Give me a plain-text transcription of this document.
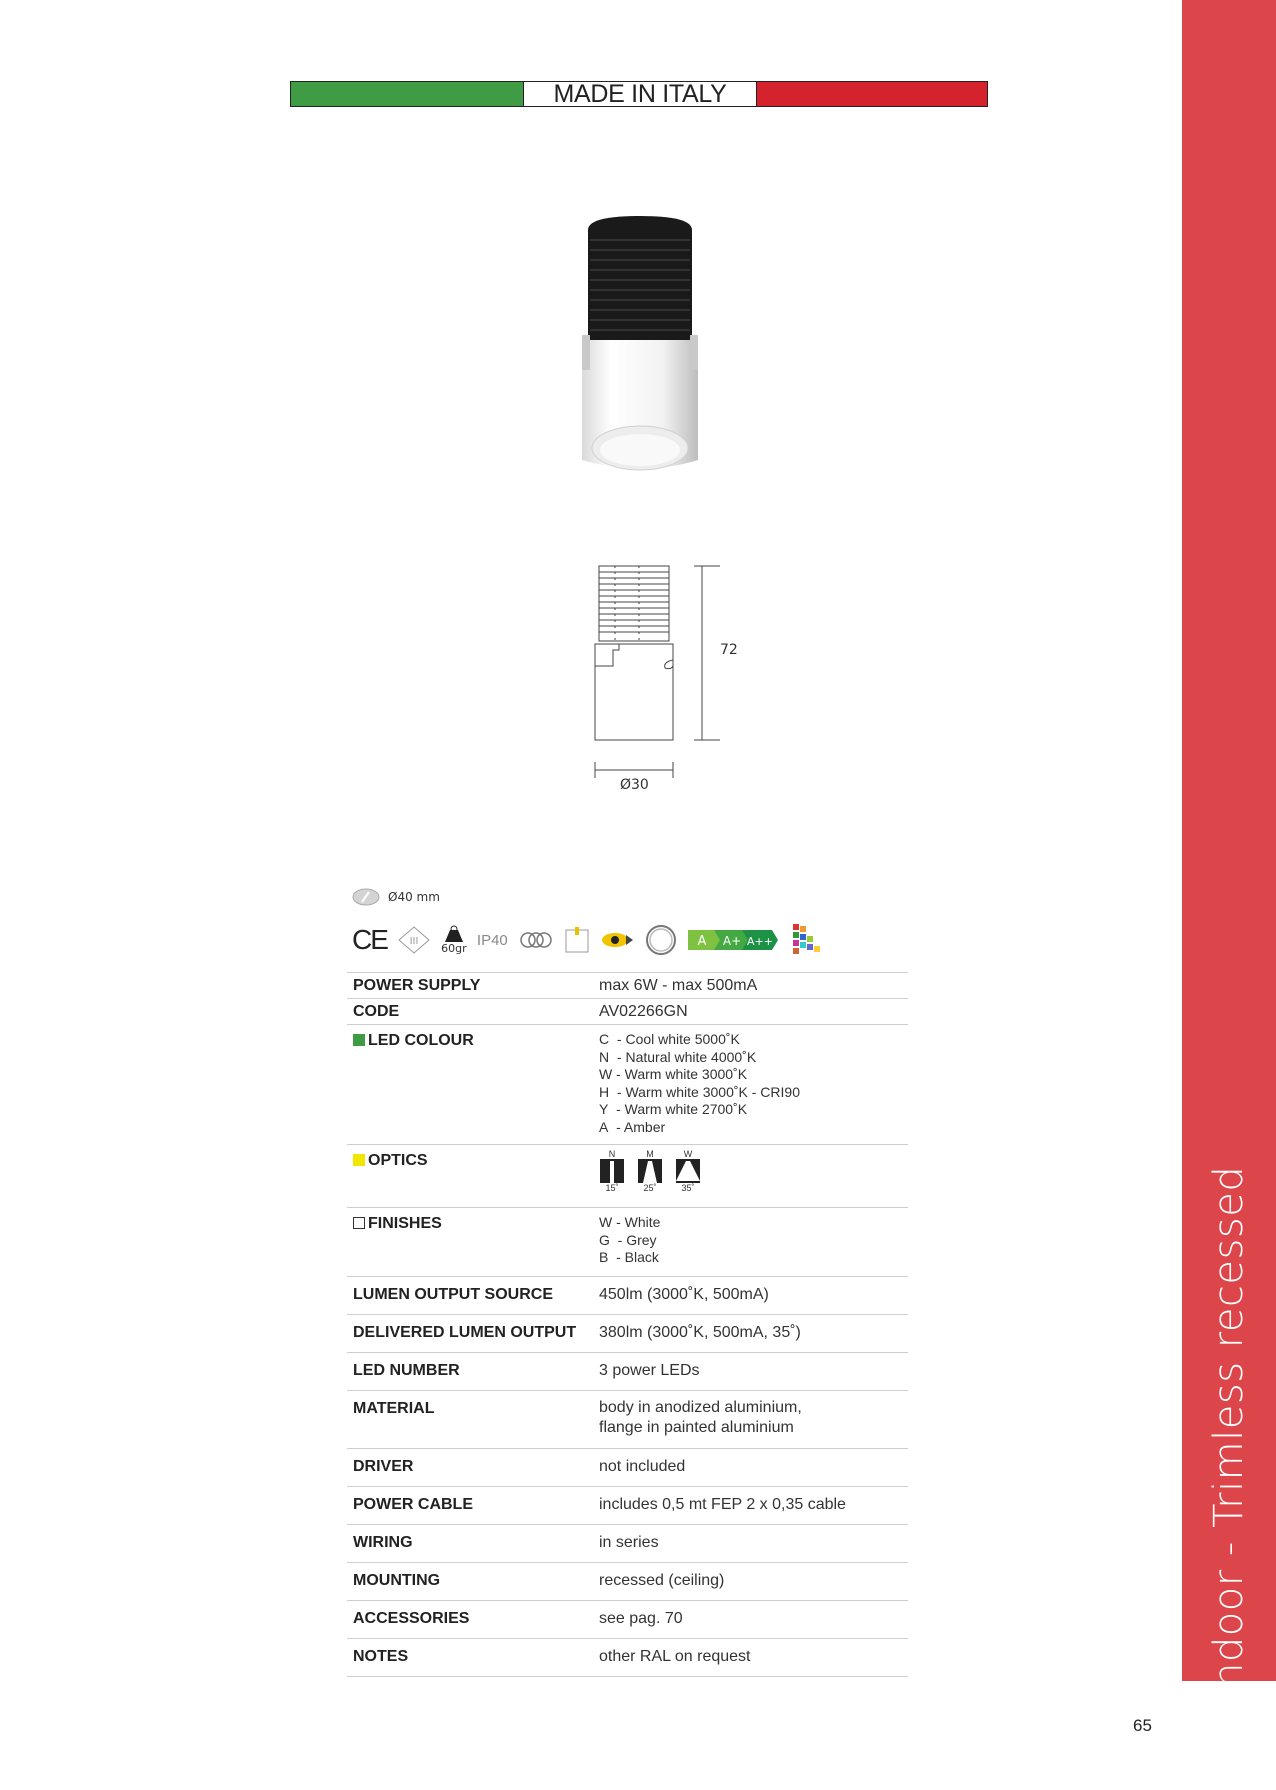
Indoor - Trimless recessed
MADE IN ITALY
72
Ø30
Ø40 mm
CE III
60gr IP40	A A+ A++
POWER SUPPLY	max 6W - max 500mA
CODE	AV02266GN
LED COLOUR	C - Cool white 5000˚K
N - Natural white 4000˚K
W - Warm white 3000˚K
H - Warm white 3000˚K - CRI90
Y - Warm white 2700˚K
A - Amber
OPTICS	N
15˚
M
25˚
W
35˚
FINISHES	W - White
G - Grey
B - Black
LUMEN OUTPUT SOURCE	450lm (3000˚K, 500mA)
DELIVERED LUMEN OUTPUT	380lm (3000˚K, 500mA, 35˚)
LED NUMBER	3 power LEDs
MATERIAL	body in anodized aluminium,
flange in painted aluminium
DRIVER	not included
POWER CABLE	includes 0,5 mt FEP 2 x 0,35 cable
WIRING	in series
MOUNTING	recessed (ceiling)
ACCESSORIES	see pag. 70
NOTES	other RAL on request
65
